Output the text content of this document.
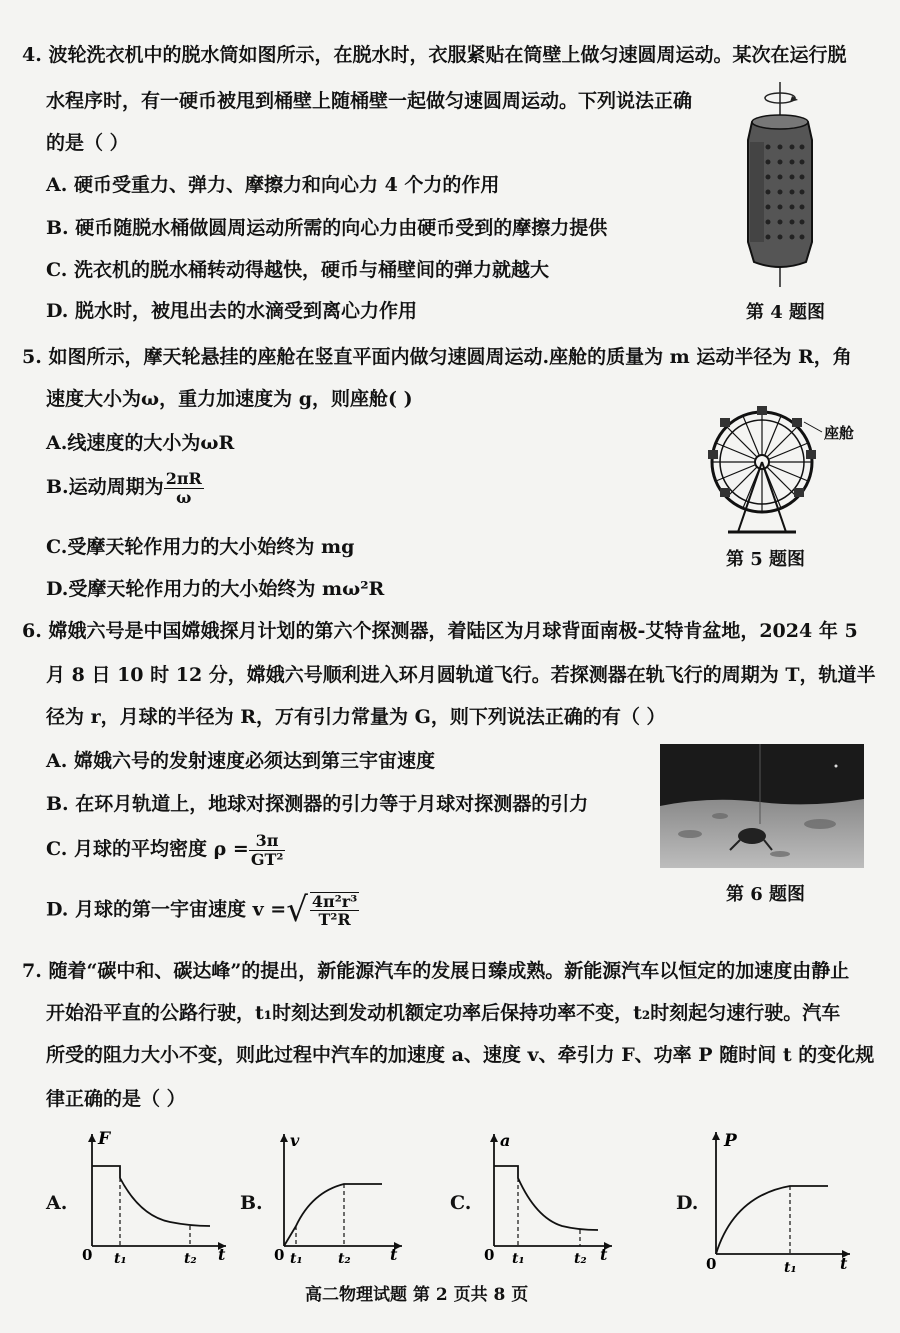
4. 波轮洗衣机中的脱水筒如图所示，在脱水时，衣服紧贴在筒壁上做匀速圆周运动。某次在运行脱
水程序时，有一硬币被甩到桶壁上随桶壁一起做匀速圆周运动。下列说法正确
的是（ ）
A. 硬币受重力、弹力、摩擦力和向心力 4 个力的作用
B. 硬币随脱水桶做圆周运动所需的向心力由硬币受到的摩擦力提供
C. 洗衣机的脱水桶转动得越快，硬币与桶壁间的弹力就越大
D. 脱水时，被甩出去的水滴受到离心力作用	第 4 题图
5. 如图所示，摩天轮悬挂的座舱在竖直平面内做匀速圆周运动.座舱的质量为 m 运动半径为 R，角
速度大小为ω，重力加速度为 g，则座舱( )
A.线速度的大小为ωR
B.运动周期为 $\frac{2\pi R}{\omega}$
C.受摩天轮作用力的大小始终为 mg
D.受摩天轮作用力的大小始终为 mω²R
座舱
第 5 题图
6. 嫦娥六号是中国嫦娥探月计划的第六个探测器，着陆区为月球背面南极-艾特肯盆地，2024 年 5
月 8 日 10 时 12 分，嫦娥六号顺利进入环月圆轨道飞行。若探测器在轨飞行的周期为 T，轨道半
径为 r，月球的半径为 R，万有引力常量为 G，则下列说法正确的有（ ）
A. 嫦娥六号的发射速度必须达到第三宇宙速度
B. 在环月轨道上，地球对探测器的引力等于月球对探测器的引力
C. 月球的平均密度 $\rho = \frac{3\pi}{\text{GT²}}$
D. 月球的第一宇宙速度 v =√ $\frac{\text{4π²r³}}{\text{T²R}}$	第 6 题图
7. 随着“碳中和、碳达峰”的提出，新能源汽车的发展日臻成熟。新能源汽车以恒定的加速度由静止
开始沿平直的公路行驶，t₁时刻达到发动机额定功率后保持功率不变，t₂时刻起匀速行驶。汽车
所受的阻力大小不变，则此过程中汽车的加速度 a、速度 v、牵引力 F、功率 P 随时间 t 的变化规
律正确的是（ ）
A.
F
t
0 t₁	t₂
B.
v
t
0 t₁	t₂
C.
a
t
0 t₁	t₂
D.
P
t
0	t₁
高二物理试题 第 2 页共 8 页
